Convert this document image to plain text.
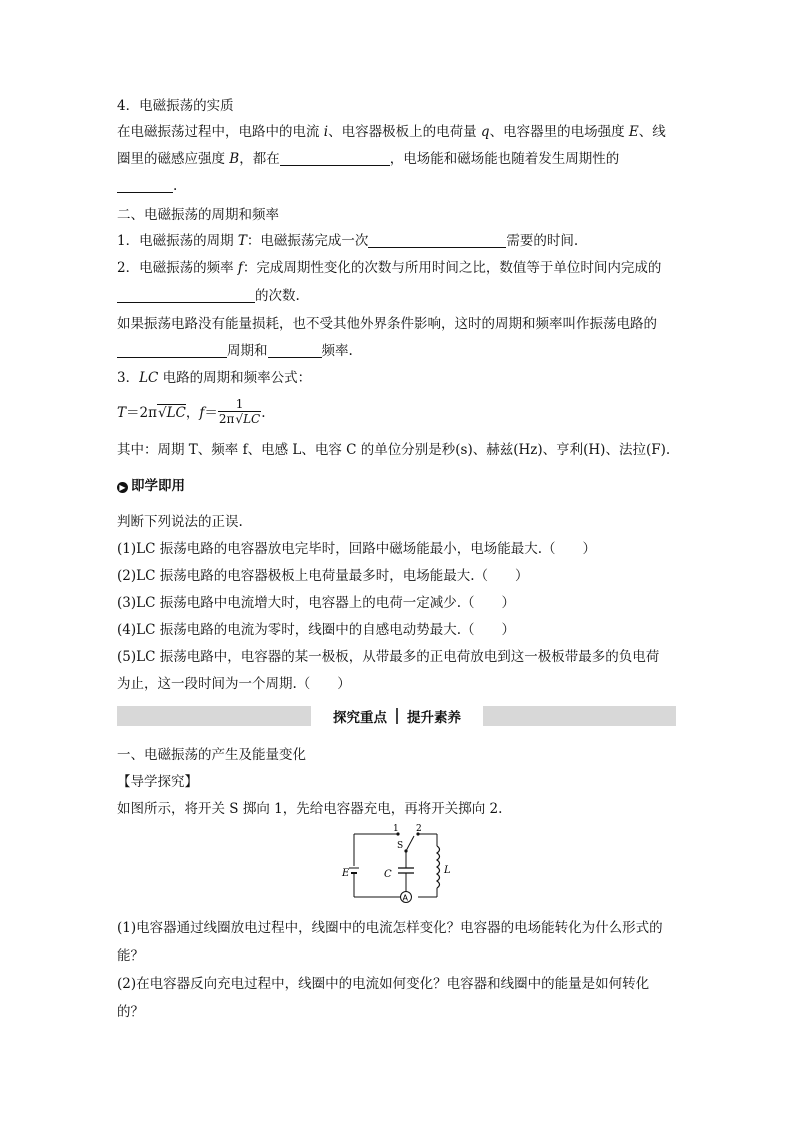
4．电磁振荡的实质
在电磁振荡过程中，电路中的电流 i、电容器极板上的电荷量 q、电容器里的电场强度 E、线
圈里的磁感应强度 B，都在	，电场能和磁场能也随着发生周期性的
.
二、电磁振荡的周期和频率
1．电磁振荡的周期 T：电磁振荡完成一次	需要的时间.
2．电磁振荡的频率 f：完成周期性变化的次数与所用时间之比，数值等于单位时间内完成的
的次数.
如果振荡电路没有能量损耗，也不受其他外界条件影响，这时的周期和频率叫作振荡电路的
周期和	频率.
3．LC 电路的周期和频率公式：
T＝2π√LC，$f= \frac{1}{2\pi√LC}$ .
其中：周期 T、频率 f、电感 L、电容 C 的单位分别是秒(s)、赫兹(Hz)、亨利(H)、法拉(F).
▶ 即学即用
判断下列说法的正误.
(1)LC 振荡电路的电容器放电完毕时，回路中磁场能最小，电场能最大.（　　）
(2)LC 振荡电路的电容器极板上电荷量最多时，电场能最大.（　　）
(3)LC 振荡电路中电流增大时，电容器上的电荷一定减少.（　　）
(4)LC 振荡电路的电流为零时，线圈中的自感电动势最大.（　　）
(5)LC 振荡电路中，电容器的某一极板，从带最多的正电荷放电到这一极板带最多的负电荷
为止，这一段时间为一个周期.（　　）
探究重点 提升素养
一、电磁振荡的产生及能量变化
【导学探究】
如图所示，将开关 S 掷向 1，先给电容器充电，再将开关掷向 2.
1 2
S
E	C	L
A
(1)电容器通过线圈放电过程中，线圈中的电流怎样变化？电容器的电场能转化为什么形式的
能？
(2)在电容器反向充电过程中，线圈中的电流如何变化？电容器和线圈中的能量是如何转化
的？
